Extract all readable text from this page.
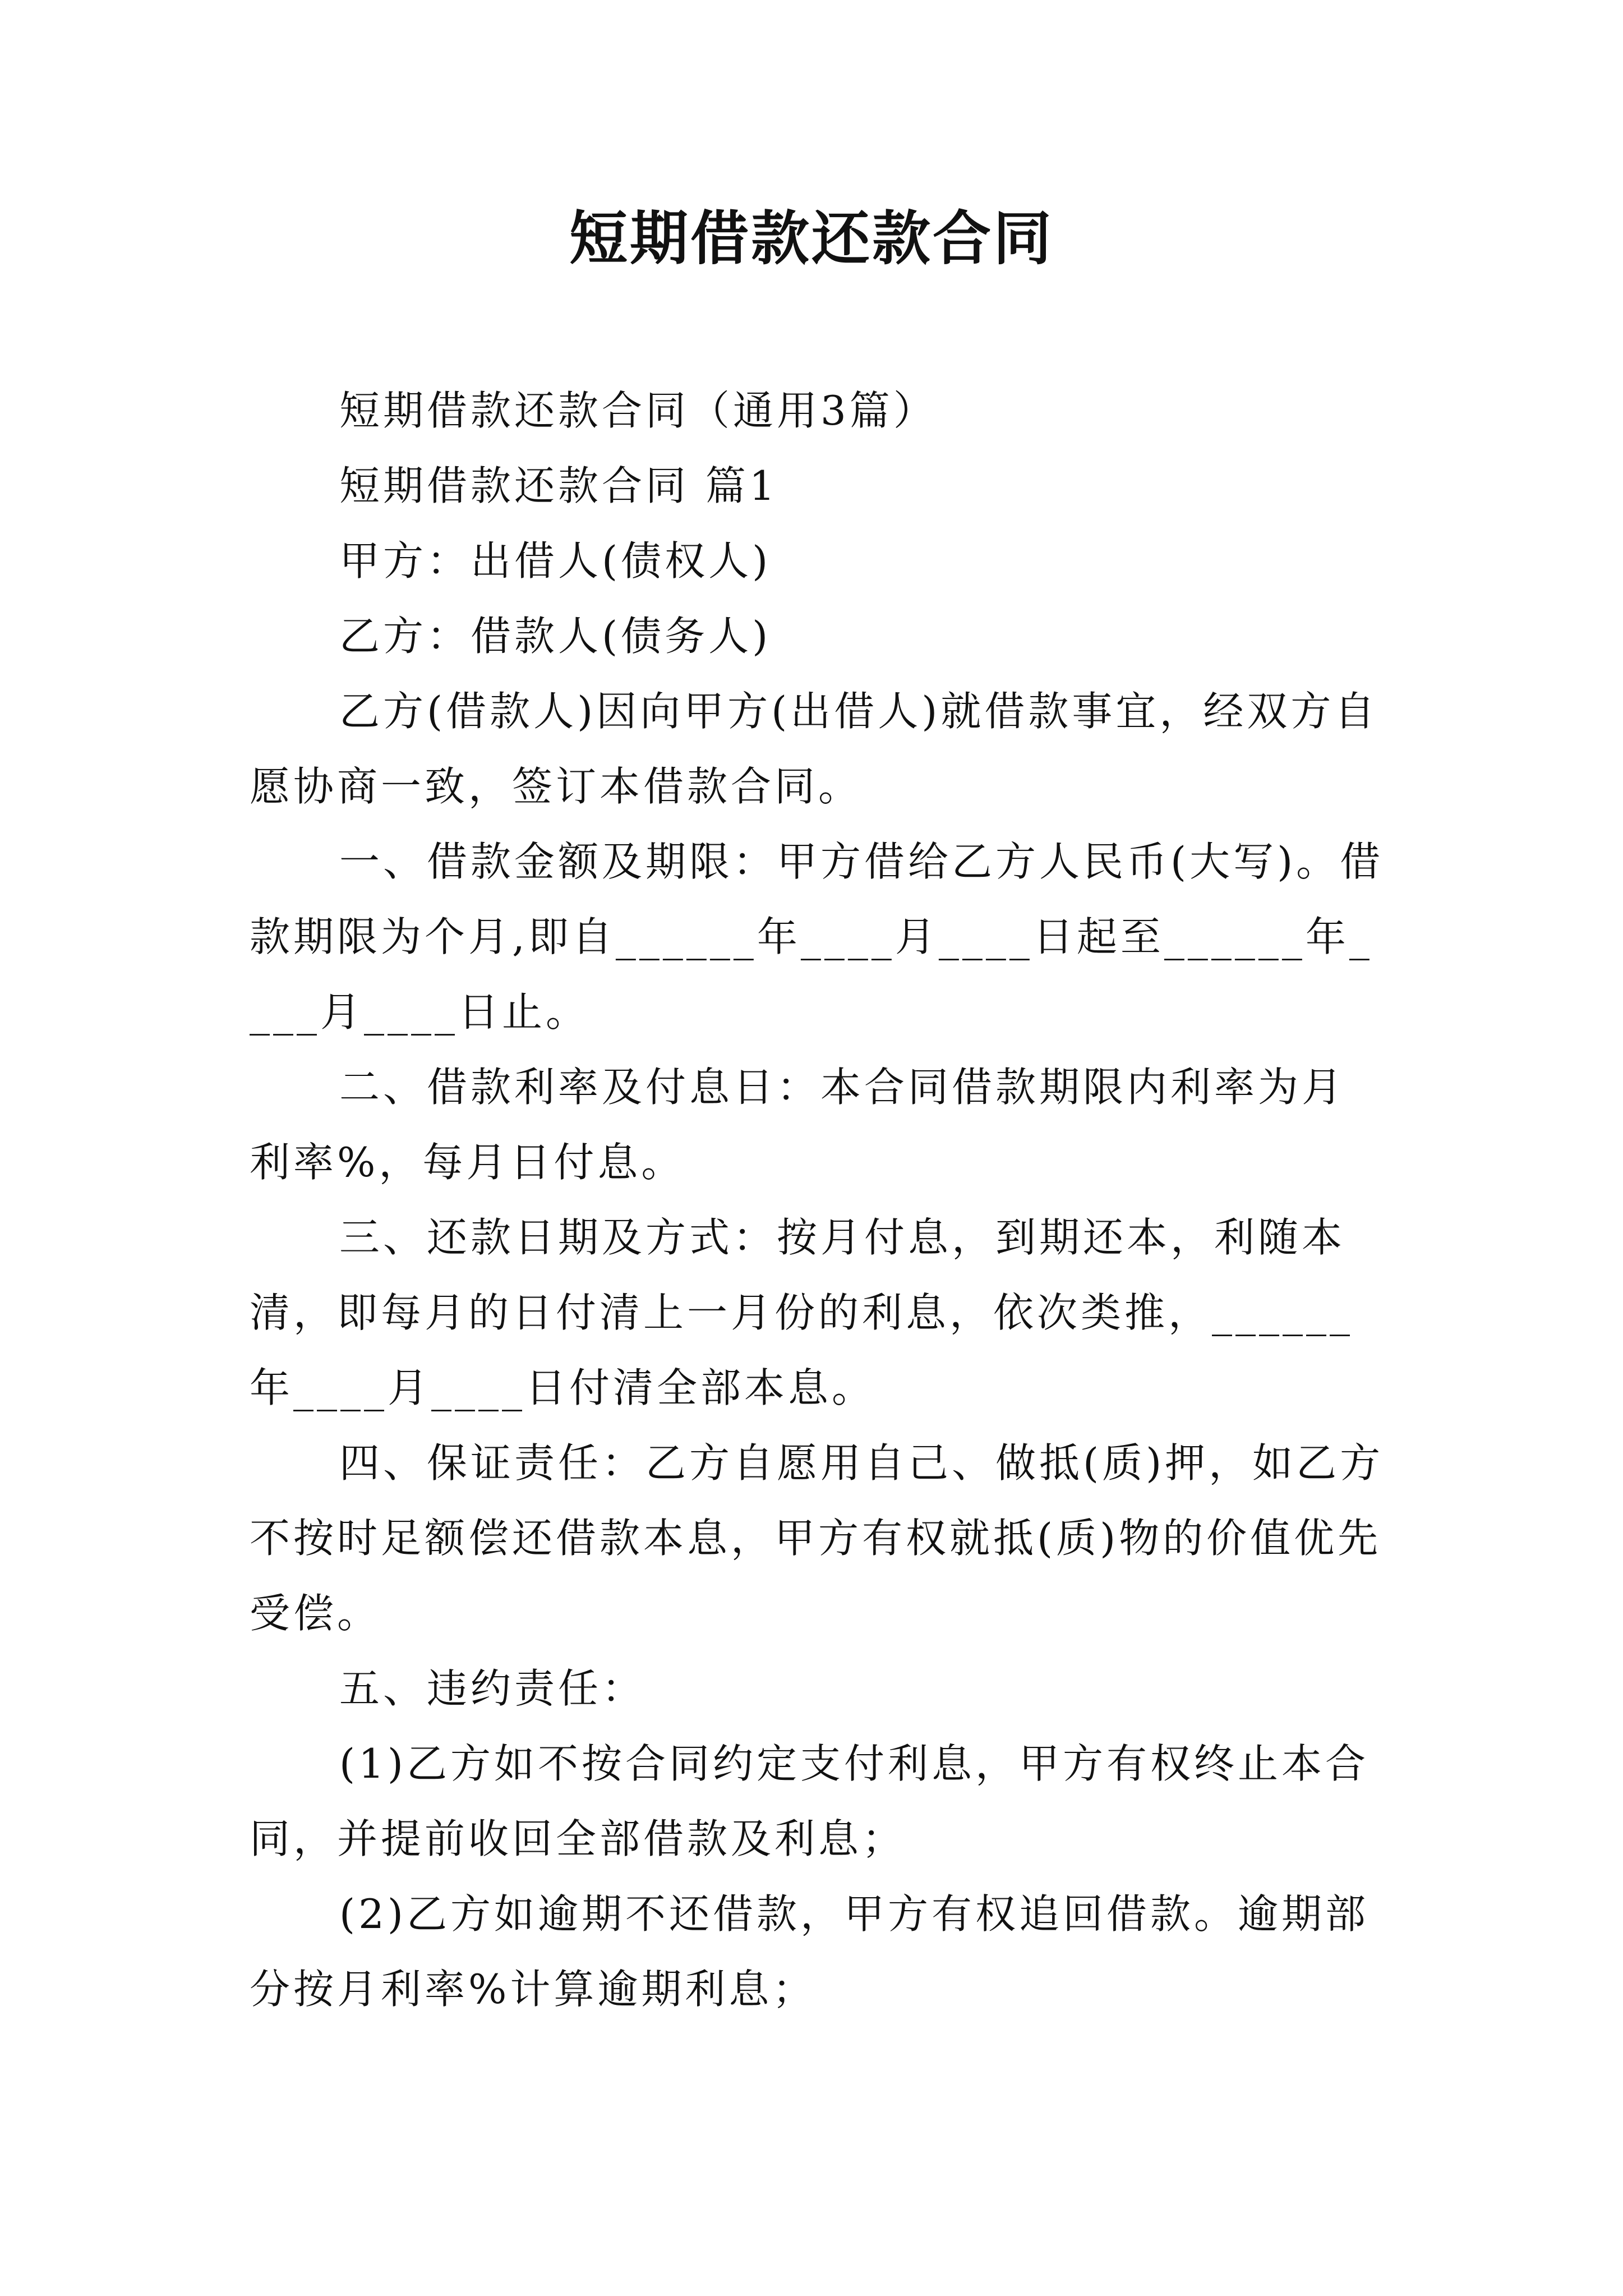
短期借款还款合同

短期借款还款合同（通用3篇）

短期借款还款合同 篇1

甲方：出借人(债权人)

乙方：借款人(债务人)

乙方(借款人)因向甲方(出借人)就借款事宜，经双方自愿协商一致，签订本借款合同。

一、借款金额及期限：甲方借给乙方人民币(大写)。借款期限为个月,即自______年____月____日起至______年____月____日止。

二、借款利率及付息日：本合同借款期限内利率为月利率%，每月日付息。

三、还款日期及方式：按月付息，到期还本，利随本清，即每月的日付清上一月份的利息，依次类推，______年____月____日付清全部本息。

四、保证责任：乙方自愿用自己、做抵(质)押，如乙方不按时足额偿还借款本息，甲方有权就抵(质)物的价值优先受偿。

五、违约责任：

(1)乙方如不按合同约定支付利息，甲方有权终止本合同，并提前收回全部借款及利息；

(2)乙方如逾期不还借款，甲方有权追回借款。逾期部分按月利率%计算逾期利息；
